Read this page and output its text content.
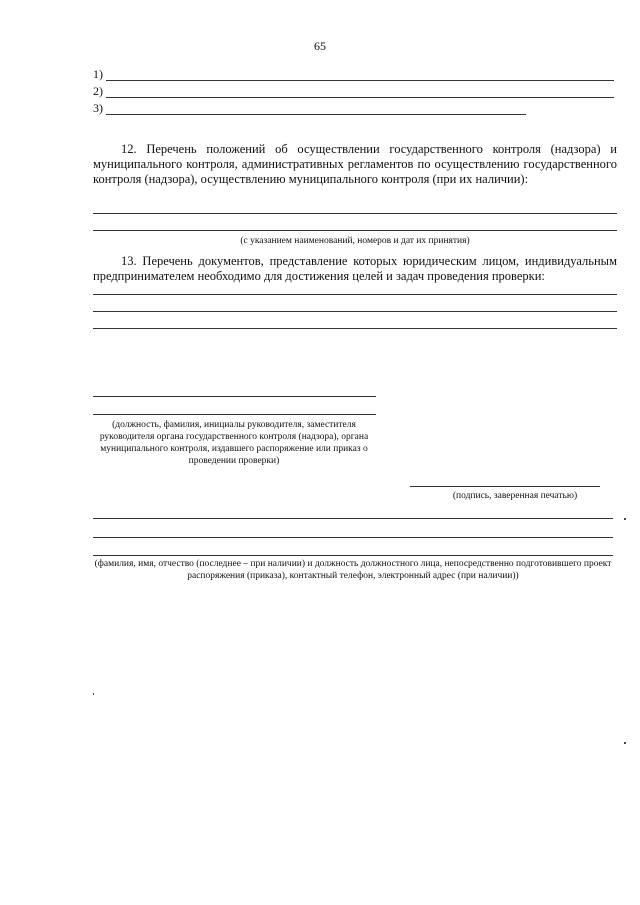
65
1)
2)
3)
12. Перечень положений об осуществлении государственного контроля (надзора) и муниципального контроля, административных регламентов по осуществлению государственного контроля (надзора), осуществлению муниципального контроля (при их наличии):
(с указанием наименований, номеров и дат их принятия)
13. Перечень документов, представление которых юридическим лицом, индивидуальным предпринимателем необходимо для достижения целей и задач проведения проверки:
(должность, фамилия, инициалы руководителя, заместителя руководителя органа государственного контроля (надзора), органа муниципального контроля, издавшего распоряжение или приказ о проведении проверки)
(подпись, заверенная печатью)
(фамилия, имя, отчество (последнее – при наличии) и должность должностного лица, непосредственно подготовившего проект распоряжения (приказа), контактный телефон, электронный адрес (при наличии))
